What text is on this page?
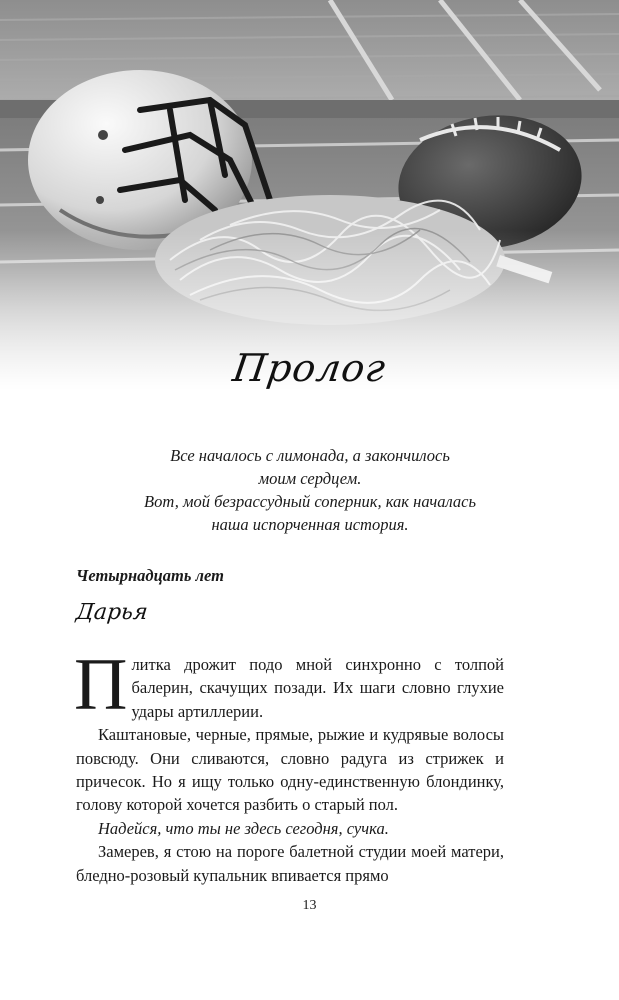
Пролог
Все началось с лимонада, а закончилось
моим сердцем.
Вот, мой безрассудный соперник, как началась
наша испорченная история.
Четырнадцать лет
Дарья

Плитка дрожит подо мной синхронно с толпой балерин, скачущих позади. Их шаги словно глухие удары артиллерии.

Каштановые, черные, прямые, рыжие и кудрявые волосы повсюду. Они сливаются, словно радуга из стрижек и причесок. Но я ищу только одну-единственную блондинку, голову которой хочется разбить о старый пол.

Надейся, что ты не здесь сегодня, сучка.

Замерев, я стою на пороге балетной студии моей матери, бледно-розовый купальник впивается прямо

13
